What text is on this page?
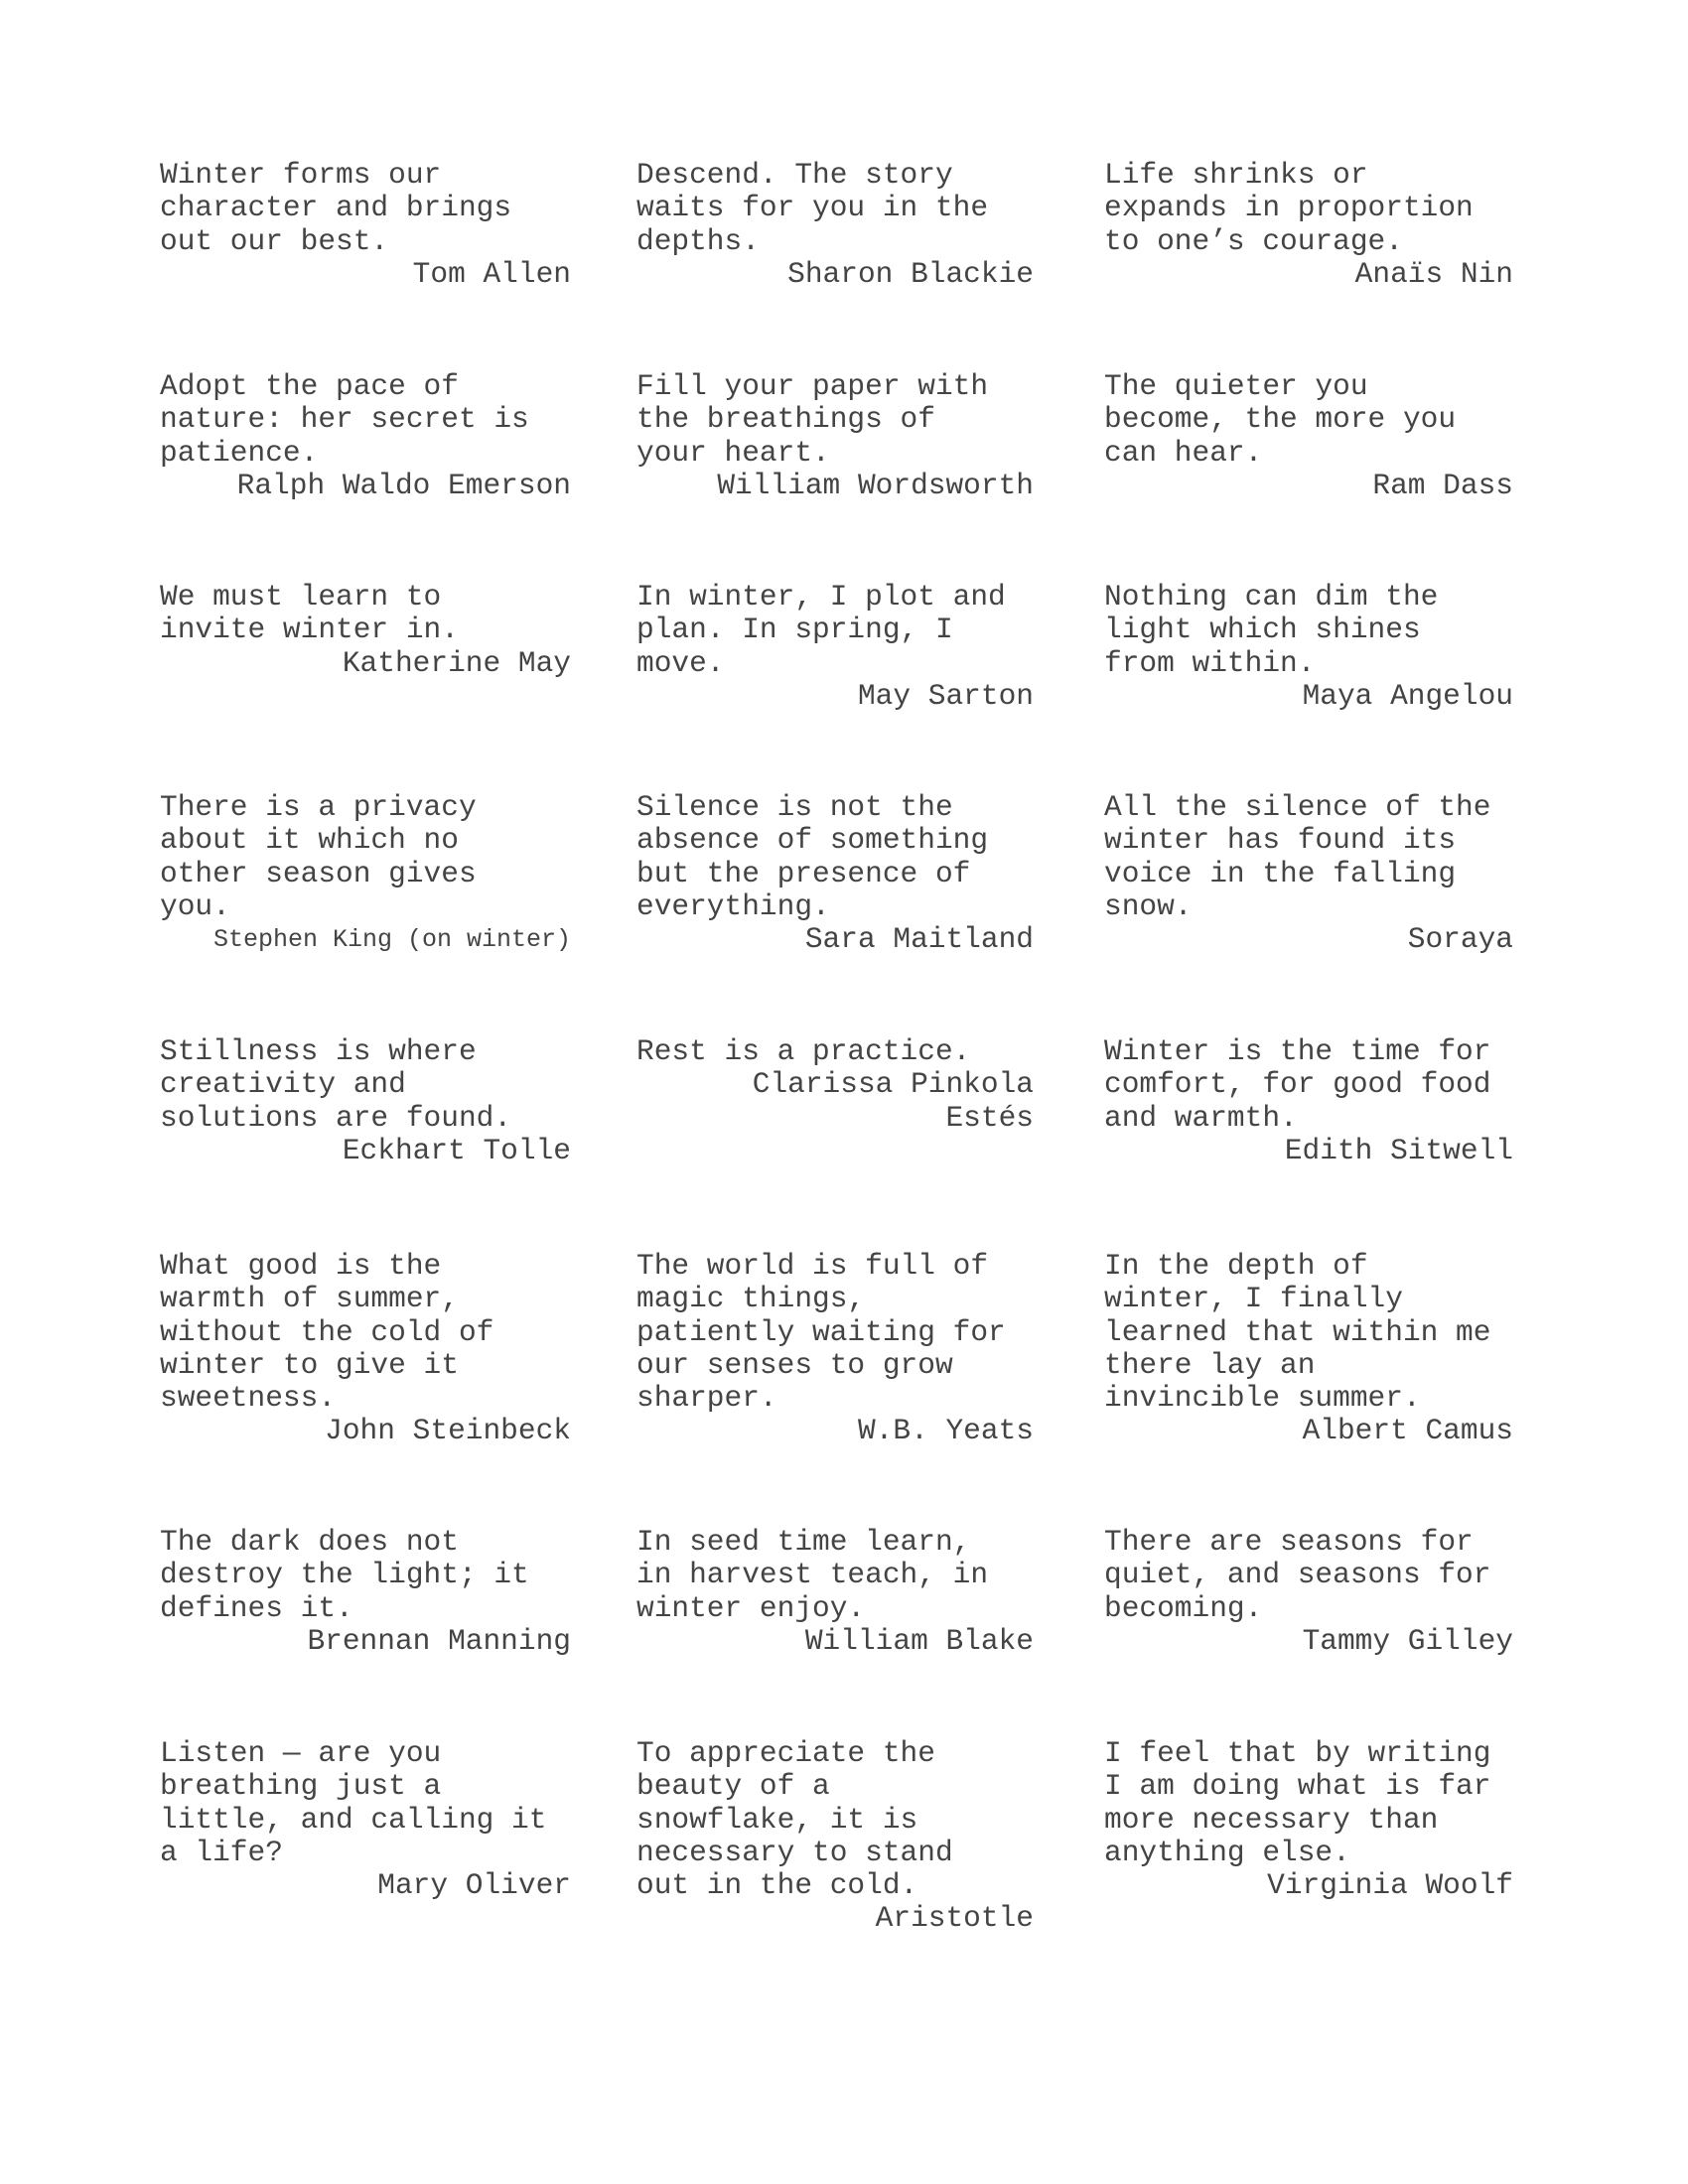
Winter forms our
character and brings
out our best.
Tom Allen
Descend. The story
waits for you in the
depths.
Sharon Blackie
Life shrinks or
expands in proportion
to one’s courage.
Anaïs Nin
Adopt the pace of
nature: her secret is
patience.
Ralph Waldo Emerson
Fill your paper with
the breathings of
your heart.
William Wordsworth
The quieter you
become, the more you
can hear.
Ram Dass
We must learn to
invite winter in.
Katherine May
In winter, I plot and
plan. In spring, I
move.
May Sarton
Nothing can dim the
light which shines
from within.
Maya Angelou
There is a privacy
about it which no
other season gives
you.
Stephen King (on winter)
Silence is not the
absence of something
but the presence of
everything.
Sara Maitland
All the silence of the
winter has found its
voice in the falling
snow.
Soraya
Stillness is where
creativity and
solutions are found.
Eckhart Tolle
Rest is a practice.
Clarissa Pinkola
Estés
Winter is the time for
comfort, for good food
and warmth.
Edith Sitwell
What good is the
warmth of summer,
without the cold of
winter to give it
sweetness.
John Steinbeck
The world is full of
magic things,
patiently waiting for
our senses to grow
sharper.
W.B. Yeats
In the depth of
winter, I finally
learned that within me
there lay an
invincible summer.
Albert Camus
The dark does not
destroy the light; it
defines it.
Brennan Manning
In seed time learn,
in harvest teach, in
winter enjoy.
William Blake
There are seasons for
quiet, and seasons for
becoming.
Tammy Gilley
Listen — are you
breathing just a
little, and calling it
a life?
Mary Oliver
To appreciate the
beauty of a
snowflake, it is
necessary to stand
out in the cold.
Aristotle
I feel that by writing
I am doing what is far
more necessary than
anything else.
Virginia Woolf
